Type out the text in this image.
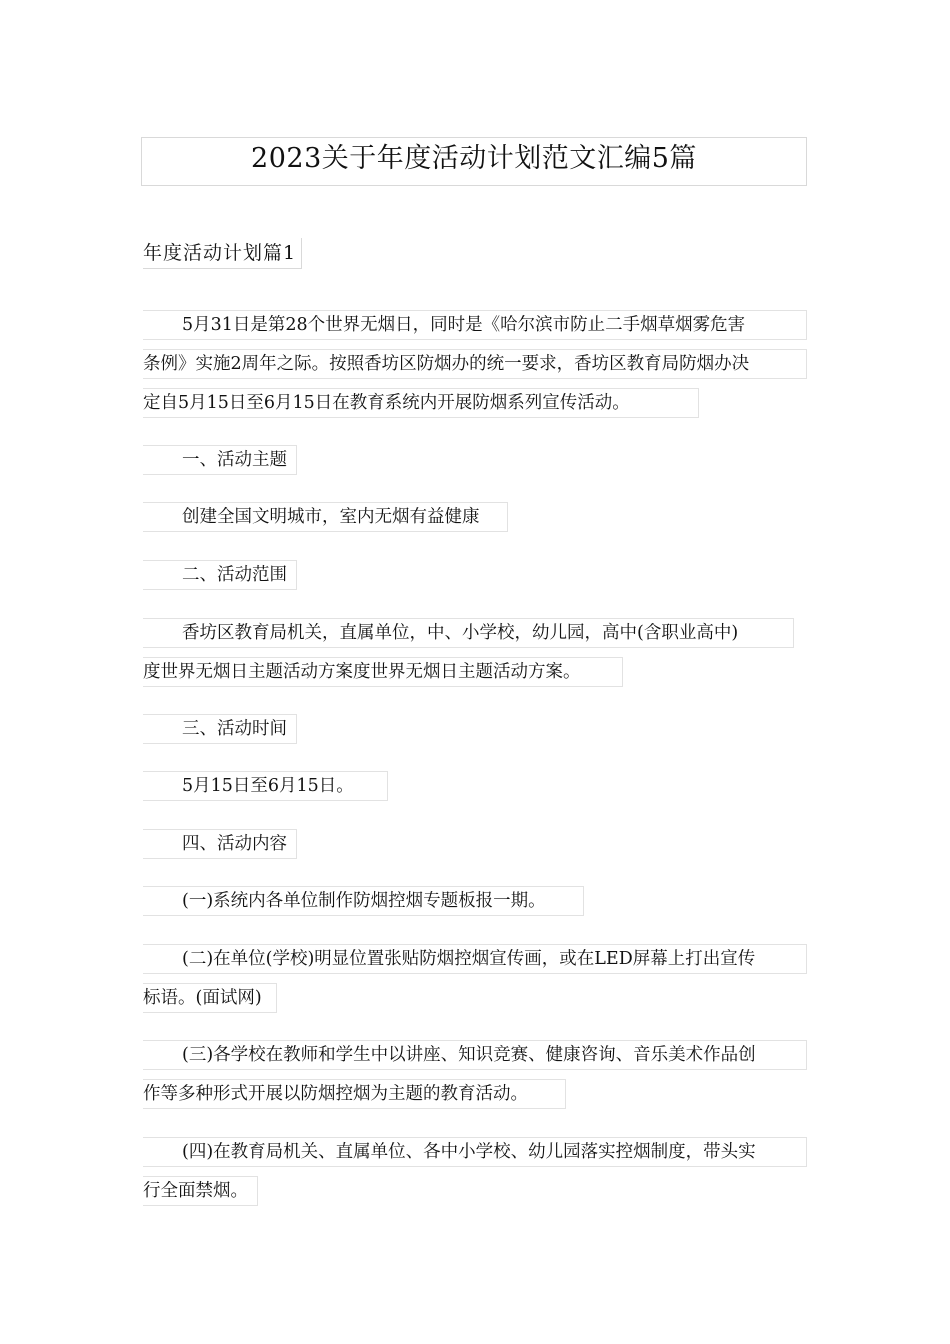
2023关于年度活动计划范文汇编5篇
年度活动计划篇1
5月31日是第28个世界无烟日，同时是《哈尔滨市防止二手烟草烟雾危害
条例》实施2周年之际。按照香坊区防烟办的统一要求，香坊区教育局防烟办决
定自5月15日至6月15日在教育系统内开展防烟系列宣传活动。
一、活动主题
创建全国文明城市，室内无烟有益健康
二、活动范围
香坊区教育局机关，直属单位，中、小学校，幼儿园，高中(含职业高中)
度世界无烟日主题活动方案度世界无烟日主题活动方案。
三、活动时间
5月15日至6月15日。
四、活动内容
(一)系统内各单位制作防烟控烟专题板报一期。
(二)在单位(学校)明显位置张贴防烟控烟宣传画，或在LED屏幕上打出宣传
标语。(面试网)
(三)各学校在教师和学生中以讲座、知识竞赛、健康咨询、音乐美术作品创
作等多种形式开展以防烟控烟为主题的教育活动。
(四)在教育局机关、直属单位、各中小学校、幼儿园落实控烟制度，带头实
行全面禁烟。
